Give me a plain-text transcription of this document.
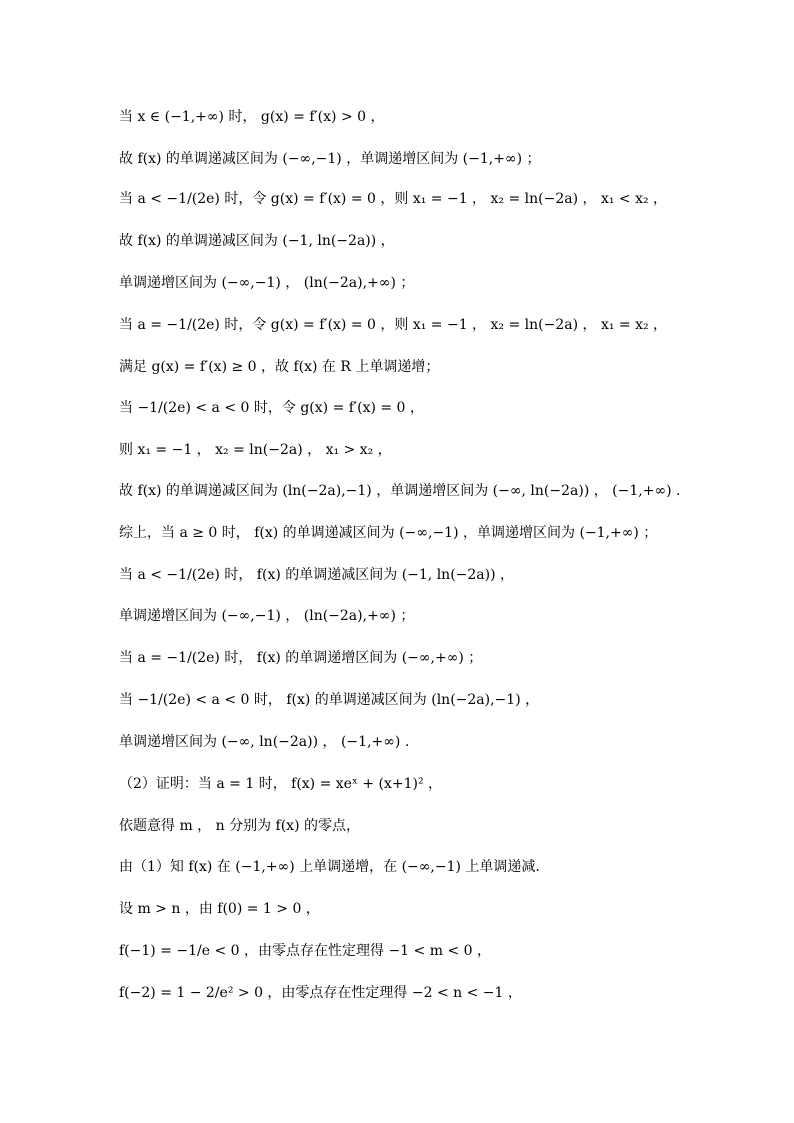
当 x ∈ (−1,+∞) 时， g(x) = f′(x) > 0 ，
故 f(x) 的单调递减区间为 (−∞,−1) ，单调递增区间为 (−1,+∞) ；
当 a < −1/(2e) 时，令 g(x) = f′(x) = 0 ，则 x₁ = −1 ， x₂ = ln(−2a) ， x₁ < x₂ ，
故 f(x) 的单调递减区间为 (−1, ln(−2a)) ，
单调递增区间为 (−∞,−1) ， (ln(−2a),+∞) ；
当 a = −1/(2e) 时，令 g(x) = f′(x) = 0 ，则 x₁ = −1 ， x₂ = ln(−2a) ， x₁ = x₂ ，
满足 g(x) = f′(x) ≥ 0 ，故 f(x) 在 R 上单调递增；
当 −1/(2e) < a < 0 时，令 g(x) = f′(x) = 0 ，
则 x₁ = −1 ， x₂ = ln(−2a) ， x₁ > x₂ ，
故 f(x) 的单调递减区间为 (ln(−2a),−1) ，单调递增区间为 (−∞, ln(−2a)) ， (−1,+∞) .
综上，当 a ≥ 0 时， f(x) 的单调递减区间为 (−∞,−1) ，单调递增区间为 (−1,+∞) ；
当 a < −1/(2e) 时， f(x) 的单调递减区间为 (−1, ln(−2a)) ，
单调递增区间为 (−∞,−1) ， (ln(−2a),+∞) ；
当 a = −1/(2e) 时， f(x) 的单调递增区间为 (−∞,+∞) ；
当 −1/(2e) < a < 0 时， f(x) 的单调递减区间为 (ln(−2a),−1) ，
单调递增区间为 (−∞, ln(−2a)) ， (−1,+∞) .
（2）证明：当 a = 1 时， f(x) = xeˣ + (x+1)² ，
依题意得 m ， n 分别为 f(x) 的零点，
由（1）知 f(x) 在 (−1,+∞) 上单调递增，在 (−∞,−1) 上单调递减.
设 m > n ，由 f(0) = 1 > 0 ，
f(−1) = −1/e < 0 ，由零点存在性定理得 −1 < m < 0 ，
f(−2) = 1 − 2/e² > 0 ，由零点存在性定理得 −2 < n < −1 ，
